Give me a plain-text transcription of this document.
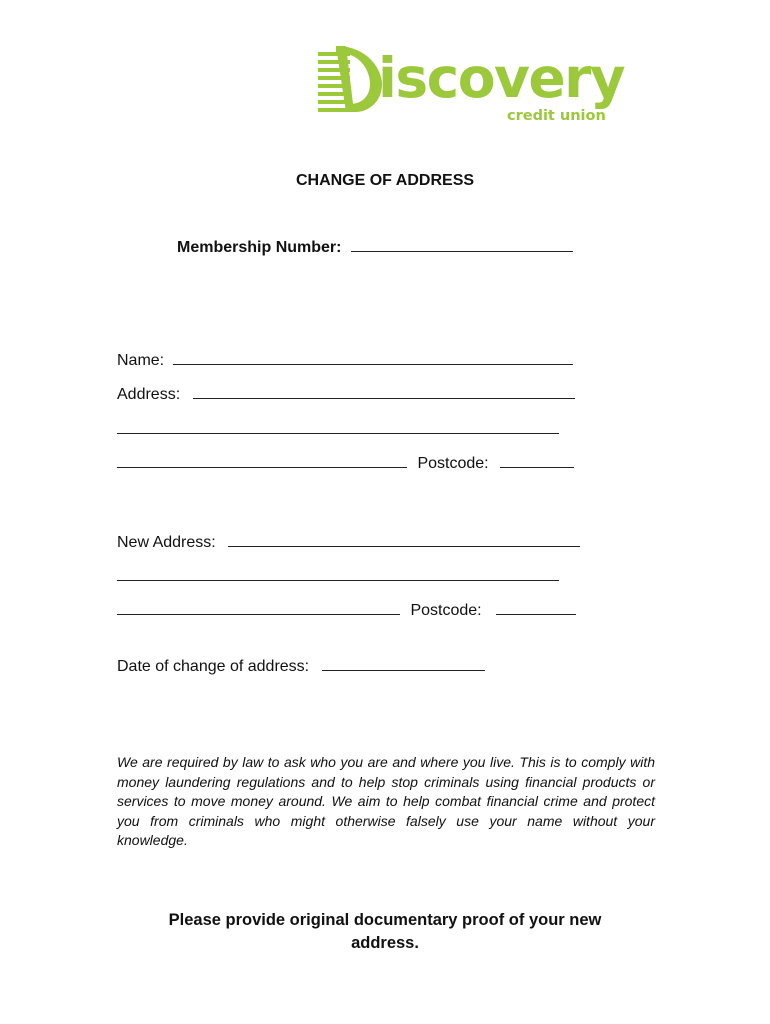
iscovery
credit union
CHANGE OF ADDRESS
Membership Number:
Name:
Address:
Postcode:
New Address:
Postcode:
Date of change of address:
We are required by law to ask who you are and where you live. This is to comply with money laundering regulations and to help stop criminals using financial products or services to move money around. We aim to help combat financial crime and protect you from criminals who might otherwise falsely use your name without your knowledge.
Please provide original documentary proof of your new address.
